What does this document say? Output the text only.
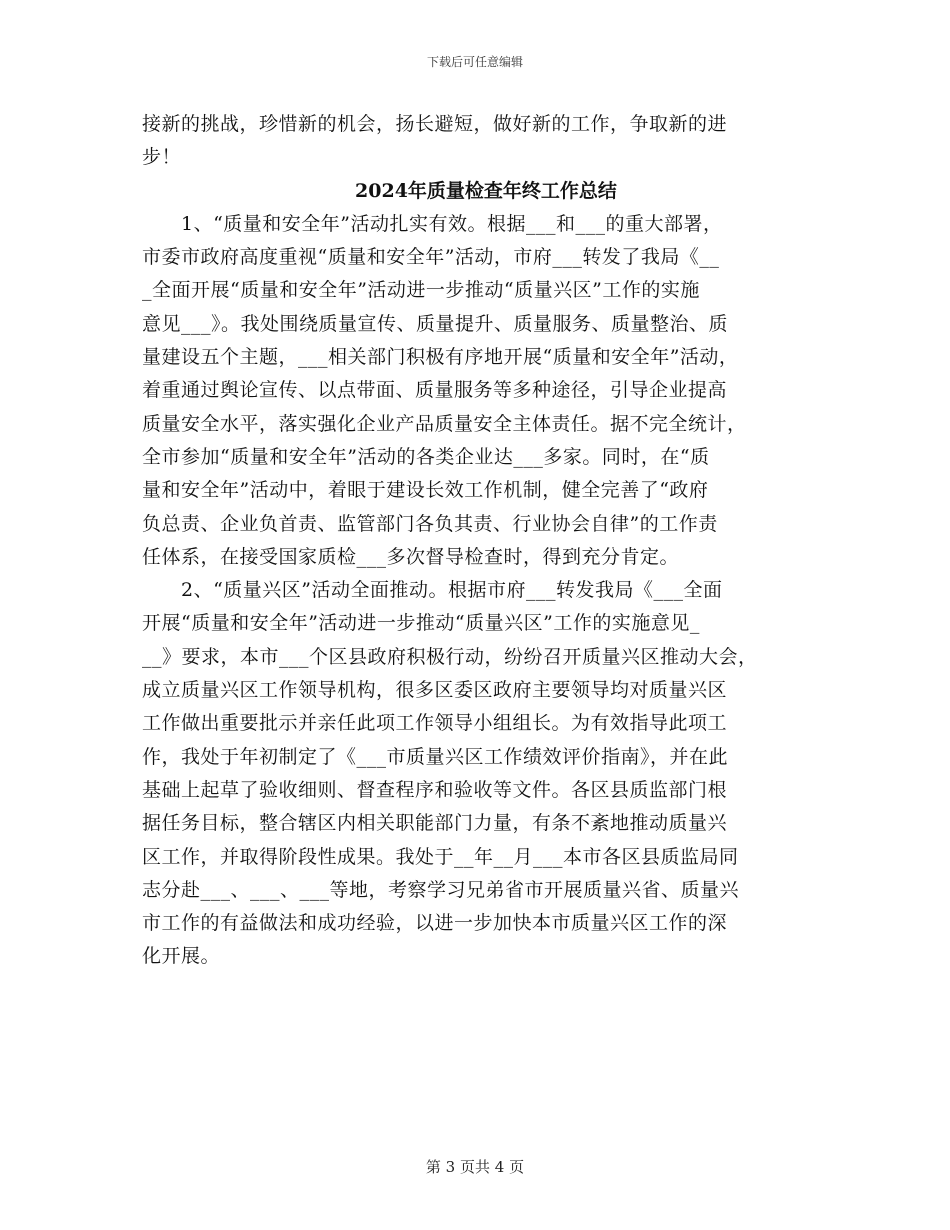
下载后可任意编辑
接新的挑战，珍惜新的机会，扬长避短，做好新的工作，争取新的进
步！
2024年质量检查年终工作总结
　　1、“质量和安全年”活动扎实有效。根据___和___的重大部署，
市委市政府高度重视“质量和安全年”活动，市府___转发了我局《__
_全面开展“质量和安全年”活动进一步推动“质量兴区”工作的实施
意见___》。我处围绕质量宣传、质量提升、质量服务、质量整治、质
量建设五个主题，___相关部门积极有序地开展“质量和安全年”活动，
着重通过舆论宣传、以点带面、质量服务等多种途径，引导企业提高
质量安全水平，落实强化企业产品质量安全主体责任。据不完全统计，
全市参加“质量和安全年”活动的各类企业达___多家。同时，在“质
量和安全年”活动中，着眼于建设长效工作机制，健全完善了“政府
负总责、企业负首责、监管部门各负其责、行业协会自律”的工作责
任体系，在接受国家质检___多次督导检查时，得到充分肯定。
　　2、“质量兴区”活动全面推动。根据市府___转发我局《___全面
开展“质量和安全年”活动进一步推动“质量兴区”工作的实施意见_
__》要求，本市___个区县政府积极行动，纷纷召开质量兴区推动大会，
成立质量兴区工作领导机构，很多区委区政府主要领导均对质量兴区
工作做出重要批示并亲任此项工作领导小组组长。为有效指导此项工
作，我处于年初制定了《___市质量兴区工作绩效评价指南》，并在此
基础上起草了验收细则、督查程序和验收等文件。各区县质监部门根
据任务目标，整合辖区内相关职能部门力量，有条不紊地推动质量兴
区工作，并取得阶段性成果。我处于__年__月___本市各区县质监局同
志分赴___、___、___等地，考察学习兄弟省市开展质量兴省、质量兴
市工作的有益做法和成功经验，以进一步加快本市质量兴区工作的深
化开展。
第 3 页共 4 页
